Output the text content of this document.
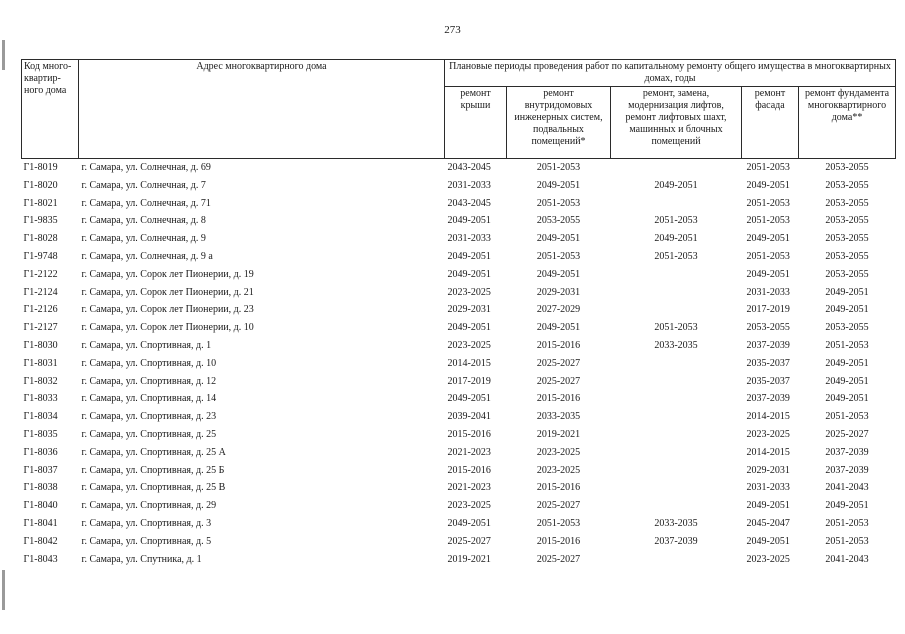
273
Код много-квартир-ного дома	Адрес многоквартирного дома	Плановые периоды проведения работ по капитальному ремонту общего имущества в многоквартирных домах, годы				
		ремонт крыши	ремонт внутридомовых инженерных систем, подвальных помещений*	ремонт, замена, модернизация лифтов, ремонт лифтовых шахт, машинных и блочных помещений	ремонт фасада	ремонт фундамента многоквартирного дома**
Г1-8019	г. Самара, ул. Солнечная, д. 69	2043-2045	2051-2053		2051-2053	2053-2055
Г1-8020	г. Самара, ул. Солнечная, д. 7	2031-2033	2049-2051	2049-2051	2049-2051	2053-2055
Г1-8021	г. Самара, ул. Солнечная, д. 71	2043-2045	2051-2053		2051-2053	2053-2055
Г1-9835	г. Самара, ул. Солнечная, д. 8	2049-2051	2053-2055	2051-2053	2051-2053	2053-2055
Г1-8028	г. Самара, ул. Солнечная, д. 9	2031-2033	2049-2051	2049-2051	2049-2051	2053-2055
Г1-9748	г. Самара, ул. Солнечная, д. 9 а	2049-2051	2051-2053	2051-2053	2051-2053	2053-2055
Г1-2122	г. Самара, ул. Сорок лет Пионерии, д. 19	2049-2051	2049-2051		2049-2051	2053-2055
Г1-2124	г. Самара, ул. Сорок лет Пионерии, д. 21	2023-2025	2029-2031		2031-2033	2049-2051
Г1-2126	г. Самара, ул. Сорок лет Пионерии, д. 23	2029-2031	2027-2029		2017-2019	2049-2051
Г1-2127	г. Самара, ул. Сорок лет Пионерии, д. 10	2049-2051	2049-2051	2051-2053	2053-2055	2053-2055
Г1-8030	г. Самара, ул. Спортивная, д. 1	2023-2025	2015-2016	2033-2035	2037-2039	2051-2053
Г1-8031	г. Самара, ул. Спортивная, д. 10	2014-2015	2025-2027		2035-2037	2049-2051
Г1-8032	г. Самара, ул. Спортивная, д. 12	2017-2019	2025-2027		2035-2037	2049-2051
Г1-8033	г. Самара, ул. Спортивная, д. 14	2049-2051	2015-2016		2037-2039	2049-2051
Г1-8034	г. Самара, ул. Спортивная, д. 23	2039-2041	2033-2035		2014-2015	2051-2053
Г1-8035	г. Самара, ул. Спортивная, д. 25	2015-2016	2019-2021		2023-2025	2025-2027
Г1-8036	г. Самара, ул. Спортивная, д. 25 А	2021-2023	2023-2025		2014-2015	2037-2039
Г1-8037	г. Самара, ул. Спортивная, д. 25 Б	2015-2016	2023-2025		2029-2031	2037-2039
Г1-8038	г. Самара, ул. Спортивная, д. 25 В	2021-2023	2015-2016		2031-2033	2041-2043
Г1-8040	г. Самара, ул. Спортивная, д. 29	2023-2025	2025-2027		2049-2051	2049-2051
Г1-8041	г. Самара, ул. Спортивная, д. 3	2049-2051	2051-2053	2033-2035	2045-2047	2051-2053
Г1-8042	г. Самара, ул. Спортивная, д. 5	2025-2027	2015-2016	2037-2039	2049-2051	2051-2053
Г1-8043	г. Самара, ул. Спутника, д. 1	2019-2021	2025-2027		2023-2025	2041-2043
